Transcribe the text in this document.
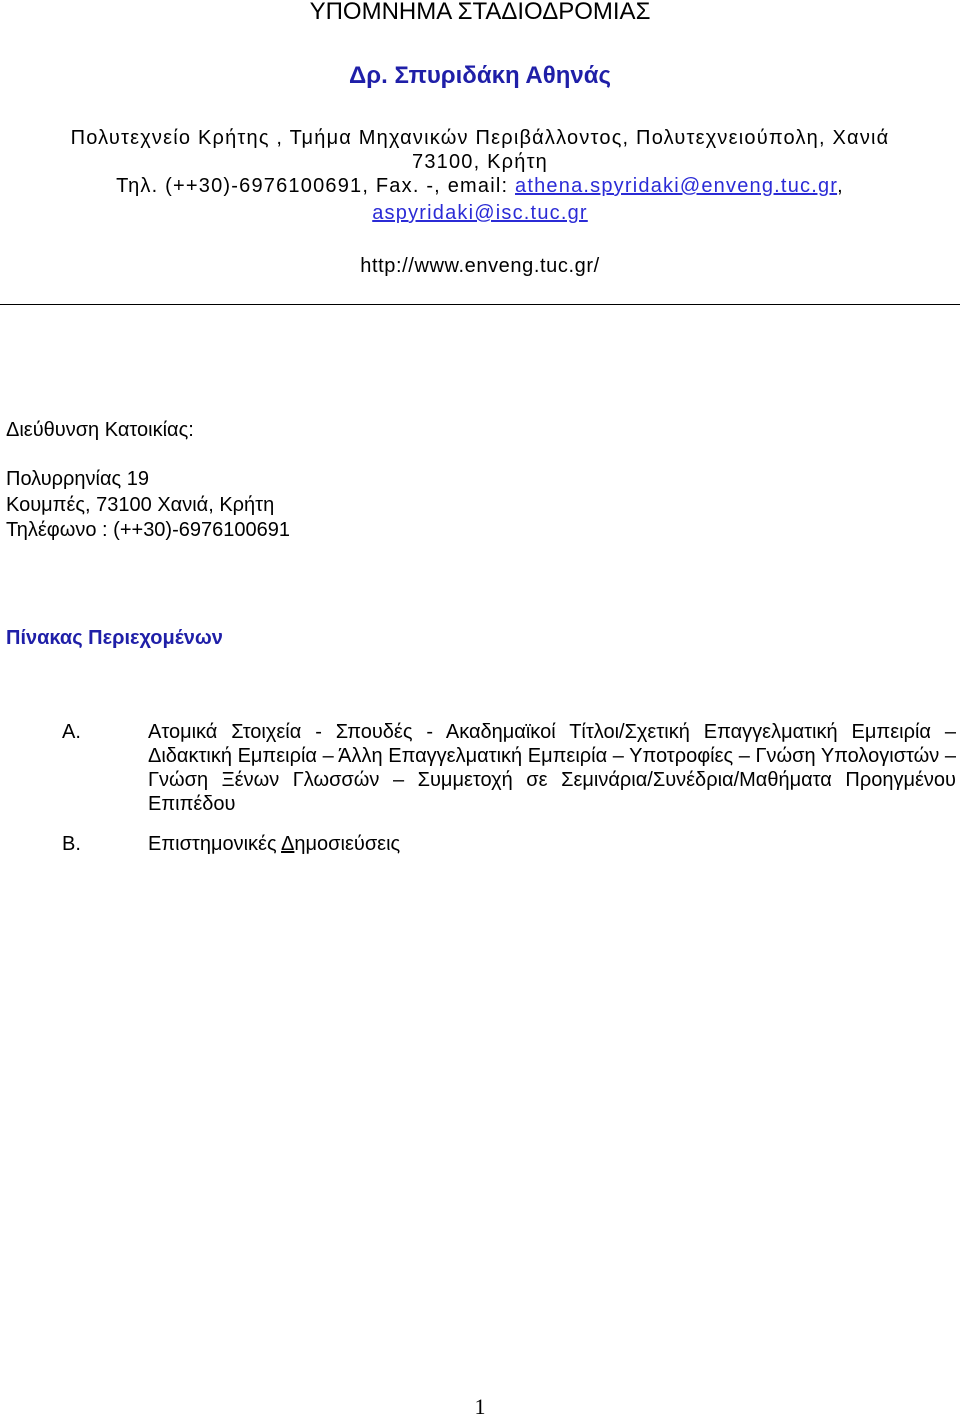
ΥΠΟΜΝΗΜΑ ΣΤΑΔΙΟΔΡΟΜΙΑΣ
Δρ. Σπυριδάκη Αθηνάς
Πολυτεχνείο Κρήτης , Τμήμα Μηχανικών Περιβάλλοντος, Πολυτεχνειούπολη, Χανιά
73100, Κρήτη
Τηλ. (++30)-6976100691, Fax. -, email: athena.spyridaki@enveng.tuc.gr,
aspyridaki@isc.tuc.gr
http://www.enveng.tuc.gr/
Διεύθυνση Κατοικίας:
Πολυρρηνίας 19
Κουμπές, 73100 Χανιά, Κρήτη
Τηλέφωνο : (++30)-6976100691
Πίνακας Περιεχομένων
Α.	Ατομικά Στοιχεία - Σπουδές - Ακαδημαϊκοί Τίτλοι/Σχετική Επαγγελματική Εμπειρία – Διδακτική Εμπειρία – Άλλη Επαγγελματική Εμπειρία – Υποτροφίες – Γνώση Υπολογιστών – Γνώση Ξένων Γλωσσών – Συμμετοχή σε Σεμινάρια/Συνέδρια/Μαθήματα Προηγμένου Επιπέδου
Β.	Επιστημονικές Δημοσιεύσεις
1
